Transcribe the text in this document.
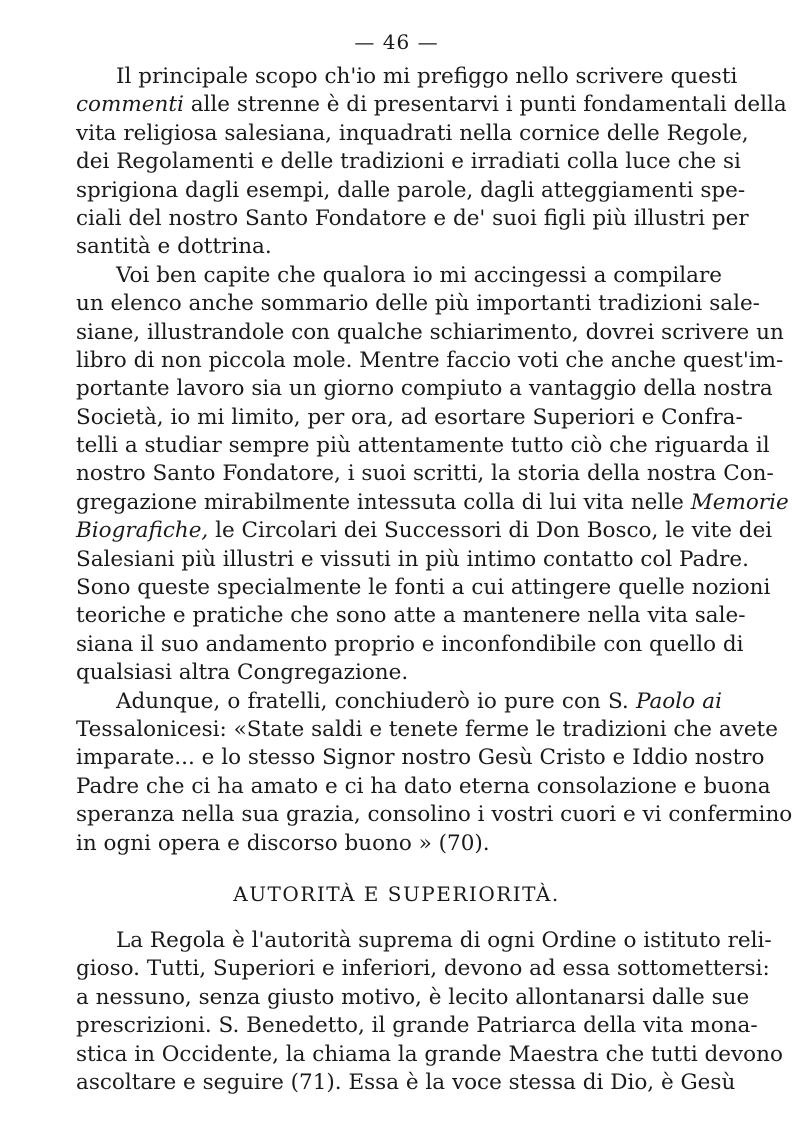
— 46 —
Il principale scopo ch'io mi prefiggo nello scrivere questi
commenti alle strenne è di presentarvi i punti fondamentali della
vita religiosa salesiana, inquadrati nella cornice delle Regole,
dei Regolamenti e delle tradizioni e irradiati colla luce che si
sprigiona dagli esempi, dalle parole, dagli atteggiamenti spe-
ciali del nostro Santo Fondatore e de' suoi figli più illustri per
santità e dottrina.
Voi ben capite che qualora io mi accingessi a compilare
un elenco anche sommario delle più importanti tradizioni sale-
siane, illustrandole con qualche schiarimento, dovrei scrivere un
libro di non piccola mole. Mentre faccio voti che anche quest'im-
portante lavoro sia un giorno compiuto a vantaggio della nostra
Società, io mi limito, per ora, ad esortare Superiori e Confra-
telli a studiar sempre più attentamente tutto ciò che riguarda il
nostro Santo Fondatore, i suoi scritti, la storia della nostra Con-
gregazione mirabilmente intessuta colla di lui vita nelle Memorie
Biografiche, le Circolari dei Successori di Don Bosco, le vite dei
Salesiani più illustri e vissuti in più intimo contatto col Padre.
Sono queste specialmente le fonti a cui attingere quelle nozioni
teoriche e pratiche che sono atte a mantenere nella vita sale-
siana il suo andamento proprio e inconfondibile con quello di
qualsiasi altra Congregazione.
Adunque, o fratelli, conchiuderò io pure con S. Paolo ai
Tessalonicesi: «State saldi e tenete ferme le tradizioni che avete
imparate... e lo stesso Signor nostro Gesù Cristo e Iddio nostro
Padre che ci ha amato e ci ha dato eterna consolazione e buona
speranza nella sua grazia, consolino i vostri cuori e vi confermino
in ogni opera e discorso buono » (70).
AUTORITÀ E SUPERIORITÀ.
La Regola è l'autorità suprema di ogni Ordine o istituto reli-
gioso. Tutti, Superiori e inferiori, devono ad essa sottomettersi:
a nessuno, senza giusto motivo, è lecito allontanarsi dalle sue
prescrizioni. S. Benedetto, il grande Patriarca della vita mona-
stica in Occidente, la chiama la grande Maestra che tutti devono
ascoltare e seguire (71). Essa è la voce stessa di Dio, è Gesù
